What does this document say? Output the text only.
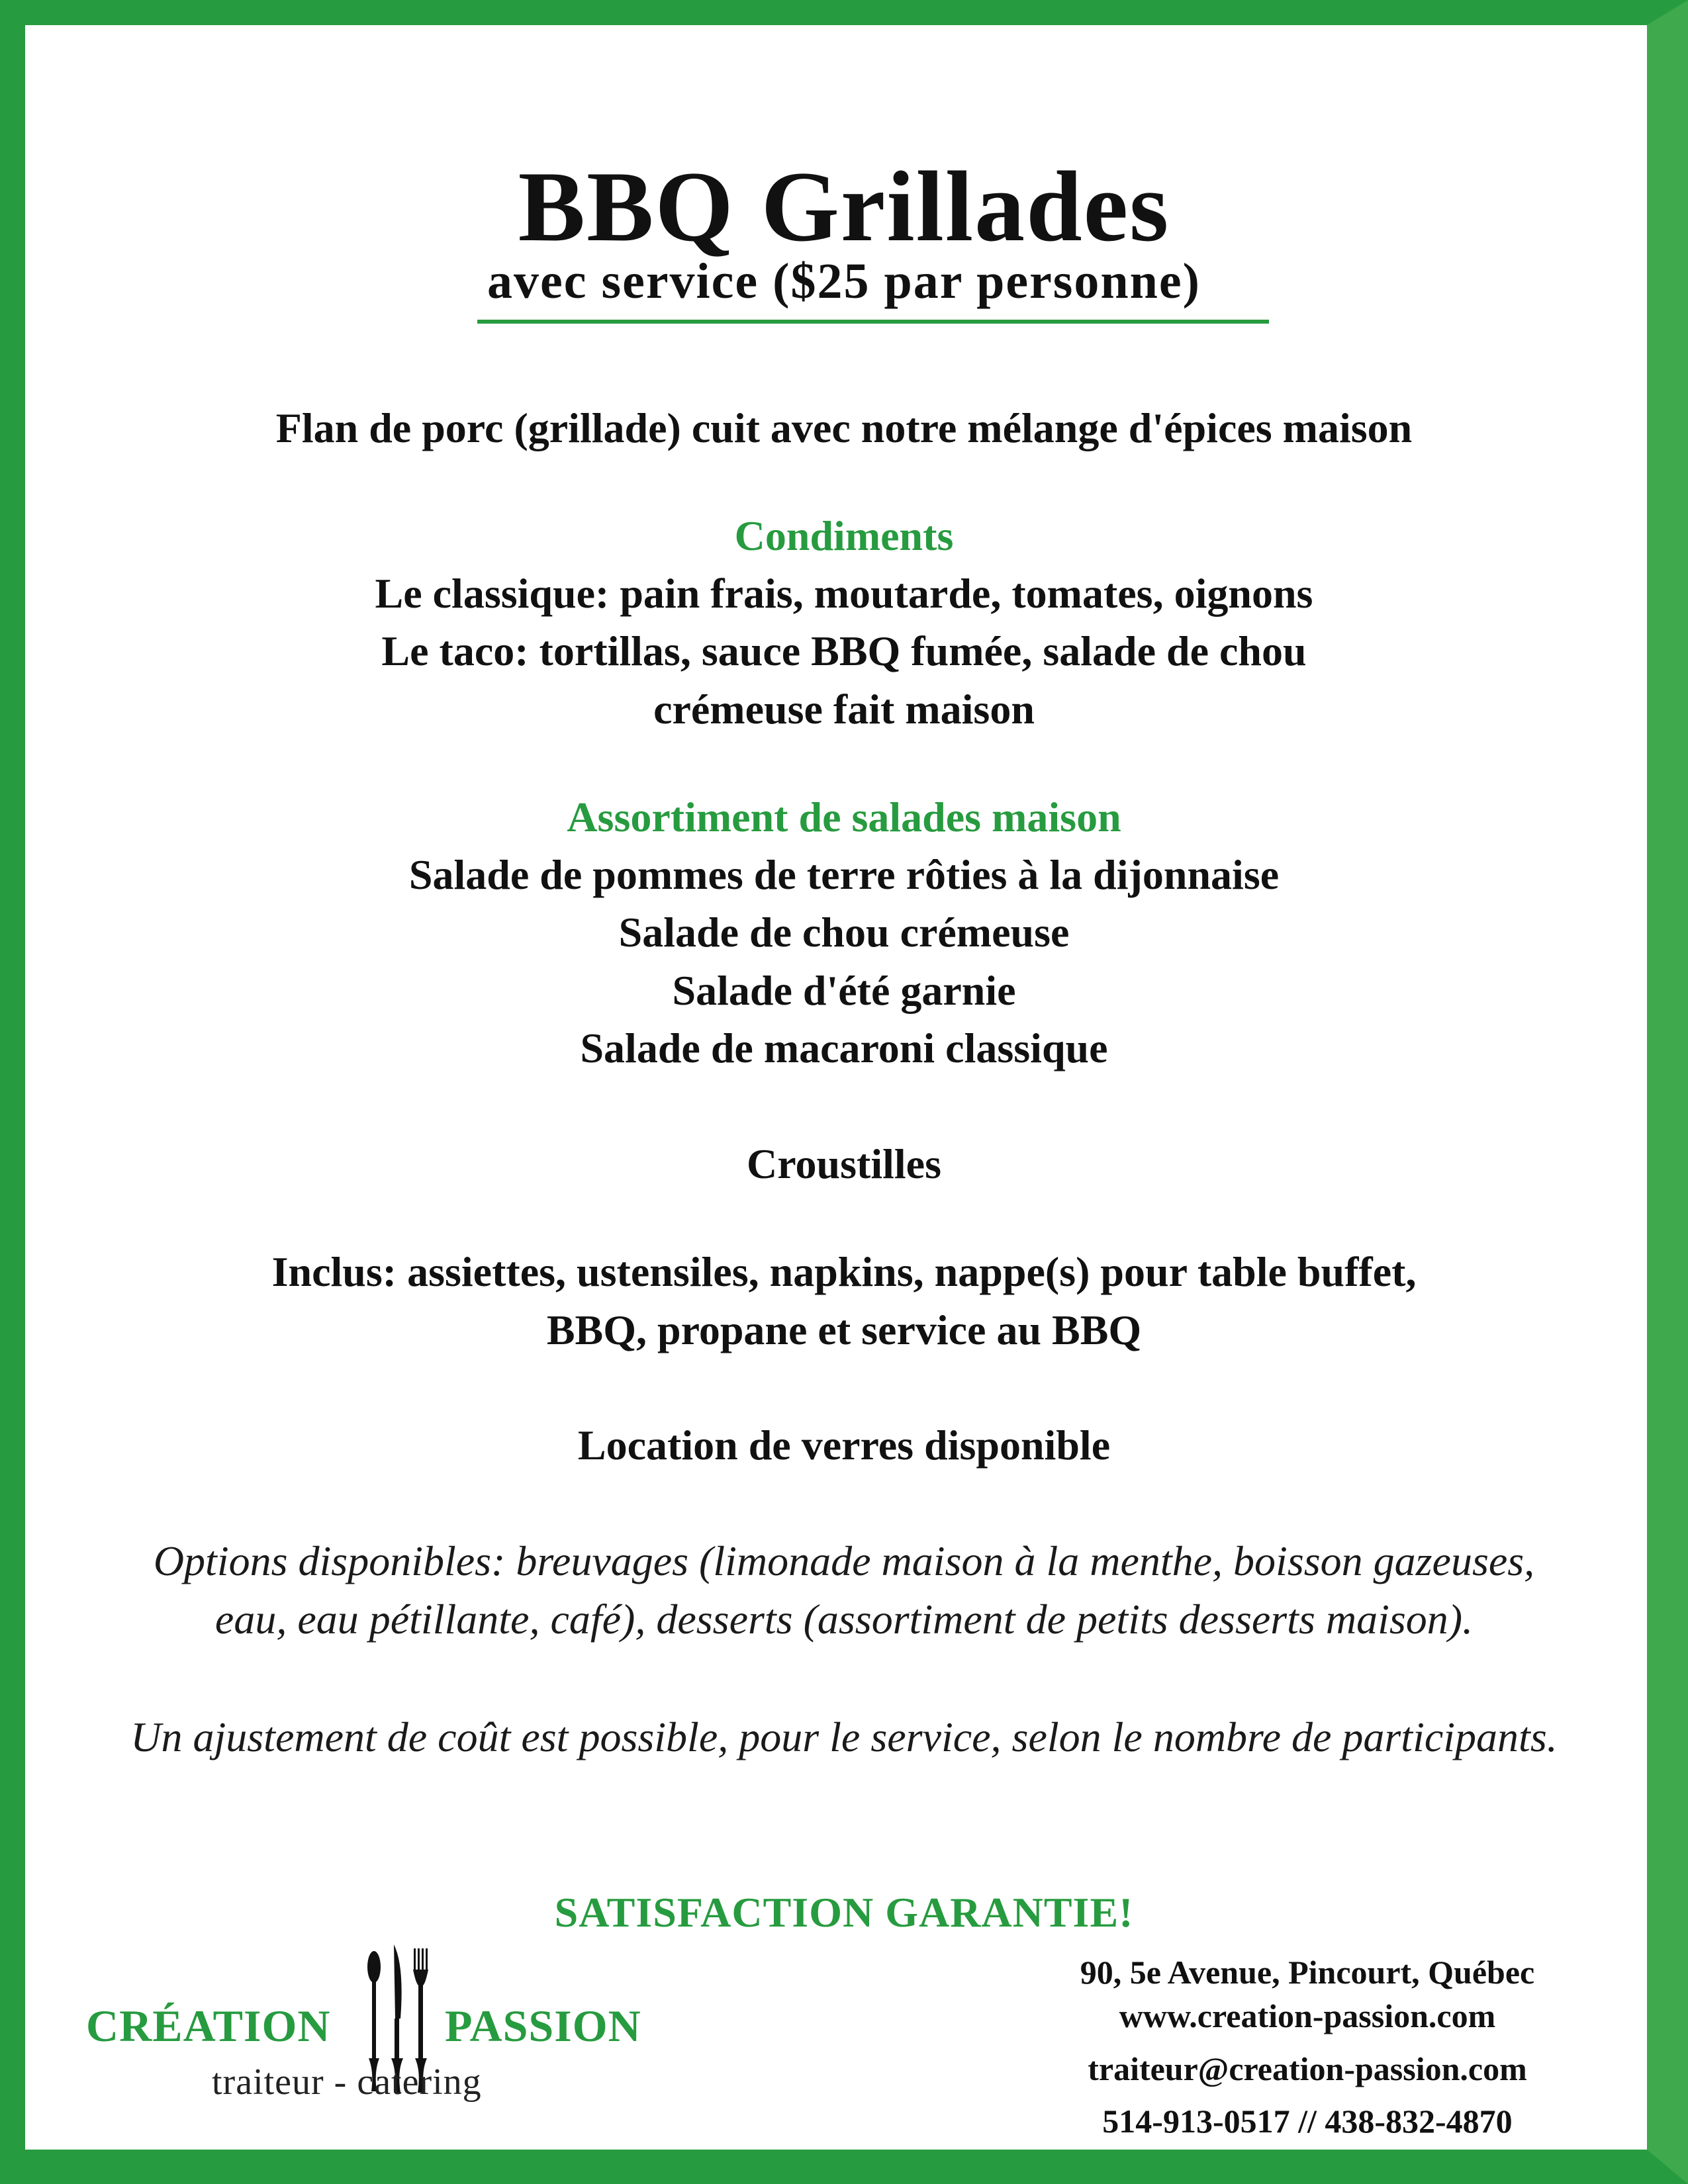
BBQ Grillades
avec service ($25 par personne)
Flan de porc (grillade) cuit avec notre mélange d'épices maison
Condiments
Le classique: pain frais, moutarde, tomates, oignons
Le taco: tortillas, sauce BBQ fumée, salade de chou
crémeuse fait maison
Assortiment de salades maison
Salade de pommes de terre rôties à la dijonnaise
Salade de chou crémeuse
Salade d'été garnie
Salade de macaroni classique
Croustilles
Inclus: assiettes, ustensiles, napkins, nappe(s) pour table buffet,
BBQ, propane et service au BBQ
Location de verres disponible
Options disponibles: breuvages (limonade maison à la menthe, boisson gazeuses,
eau, eau pétillante, café), desserts (assortiment de petits desserts maison).
Un ajustement de coût est possible, pour le service, selon le nombre de participants.
SATISFACTION GARANTIE!
CRÉATION	PASSION
traiteur - catering
90, 5e Avenue, Pincourt, Québec
www.creation-passion.com
traiteur@creation-passion.com
514-913-0517 // 438-832-4870
